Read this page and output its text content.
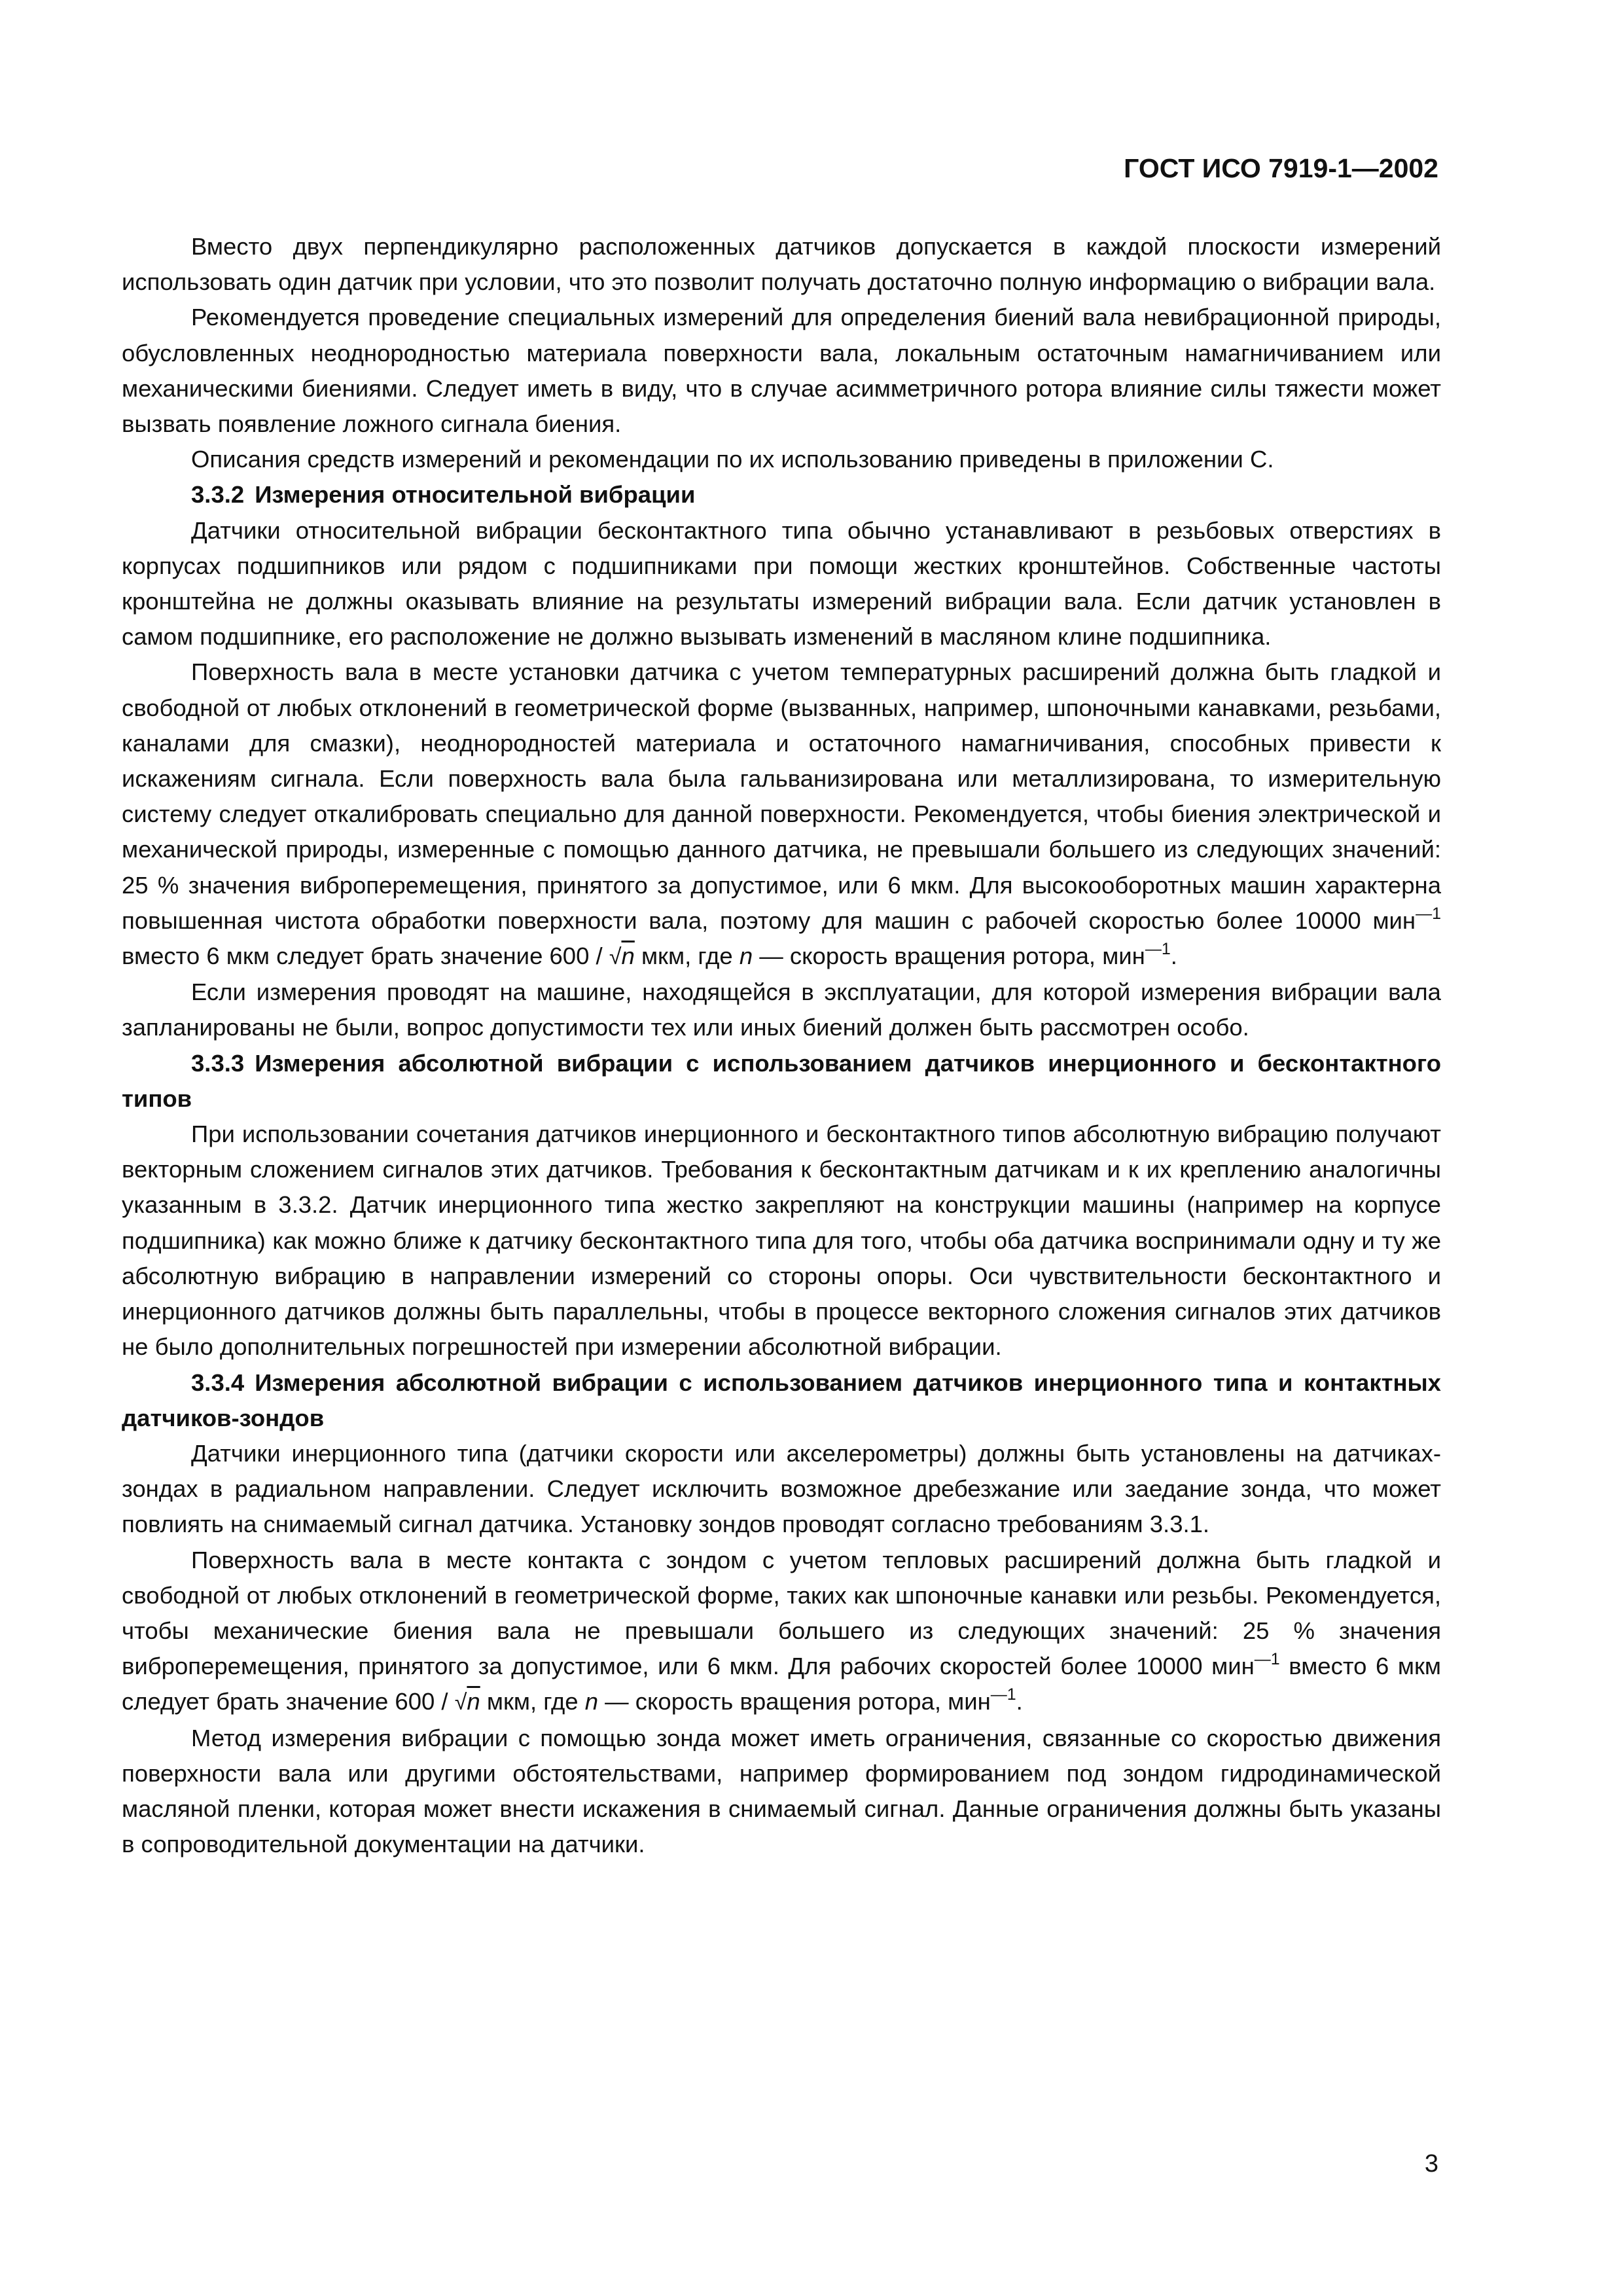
ГОСТ ИСО 7919-1—2002

Вместо двух перпендикулярно расположенных датчиков допускается в каждой плоскости измерений использовать один датчик при условии, что это позволит получать достаточно полную информацию о вибрации вала.

Рекомендуется проведение специальных измерений для определения биений вала невибрационной природы, обусловленных неоднородностью материала поверхности вала, локальным остаточным намагничиванием или механическими биениями. Следует иметь в виду, что в случае асимметричного ротора влияние силы тяжести может вызвать появление ложного сигнала биения.

Описания средств измерений и рекомендации по их использованию приведены в приложении С.

3.3.2 Измерения относительной вибрации

Датчики относительной вибрации бесконтактного типа обычно устанавливают в резьбовых отверстиях в корпусах подшипников или рядом с подшипниками при помощи жестких кронштейнов. Собственные частоты кронштейна не должны оказывать влияние на результаты измерений вибрации вала. Если датчик установлен в самом подшипнике, его расположение не должно вызывать изменений в масляном клине подшипника.

Поверхность вала в месте установки датчика с учетом температурных расширений должна быть гладкой и свободной от любых отклонений в геометрической форме (вызванных, например, шпоночными канавками, резьбами, каналами для смазки), неоднородностей материала и остаточного намагничивания, способных привести к искажениям сигнала. Если поверхность вала была гальванизирована или металлизирована, то измерительную систему следует откалибровать специально для данной поверхности. Рекомендуется, чтобы биения электрической и механической природы, измеренные с помощью данного датчика, не превышали большего из следующих значений: 25 % значения виброперемещения, принятого за допустимое, или 6 мкм. Для высокооборотных машин характерна повышенная чистота обработки поверхности вала, поэтому для машин с рабочей скоростью более 10000 мин$^{—1}$ вместо 6 мкм следует брать значение 600 / √n мкм, где n — скорость вращения ротора, мин$^{—1}$.

Если измерения проводят на машине, находящейся в эксплуатации, для которой измерения вибрации вала запланированы не были, вопрос допустимости тех или иных биений должен быть рассмотрен особо.

3.3.3 Измерения абсолютной вибрации с использованием датчиков инерционного и бесконтактного типов

При использовании сочетания датчиков инерционного и бесконтактного типов абсолютную вибрацию получают векторным сложением сигналов этих датчиков. Требования к бесконтактным датчикам и к их креплению аналогичны указанным в 3.3.2. Датчик инерционного типа жестко закрепляют на конструкции машины (например на корпусе подшипника) как можно ближе к датчику бесконтактного типа для того, чтобы оба датчика воспринимали одну и ту же абсолютную вибрацию в направлении измерений со стороны опоры. Оси чувствительности бесконтактного и инерционного датчиков должны быть параллельны, чтобы в процессе векторного сложения сигналов этих датчиков не было дополнительных погрешностей при измерении абсолютной вибрации.

3.3.4 Измерения абсолютной вибрации с использованием датчиков инерционного типа и контактных датчиков-зондов

Датчики инерционного типа (датчики скорости или акселерометры) должны быть установлены на датчиках-зондах в радиальном направлении. Следует исключить возможное дребезжание или заедание зонда, что может повлиять на снимаемый сигнал датчика. Установку зондов проводят согласно требованиям 3.3.1.

Поверхность вала в месте контакта с зондом с учетом тепловых расширений должна быть гладкой и свободной от любых отклонений в геометрической форме, таких как шпоночные канавки или резьбы. Рекомендуется, чтобы механические биения вала не превышали большего из следующих значений: 25 % значения виброперемещения, принятого за допустимое, или 6 мкм. Для рабочих скоростей более 10000 мин$^{—1}$ вместо 6 мкм следует брать значение 600 / √n мкм, где n — скорость вращения ротора, мин$^{—1}$.

Метод измерения вибрации с помощью зонда может иметь ограничения, связанные со скоростью движения поверхности вала или другими обстоятельствами, например формированием под зондом гидродинамической масляной пленки, которая может внести искажения в снимаемый сигнал. Данные ограничения должны быть указаны в сопроводительной документации на датчики.

3
